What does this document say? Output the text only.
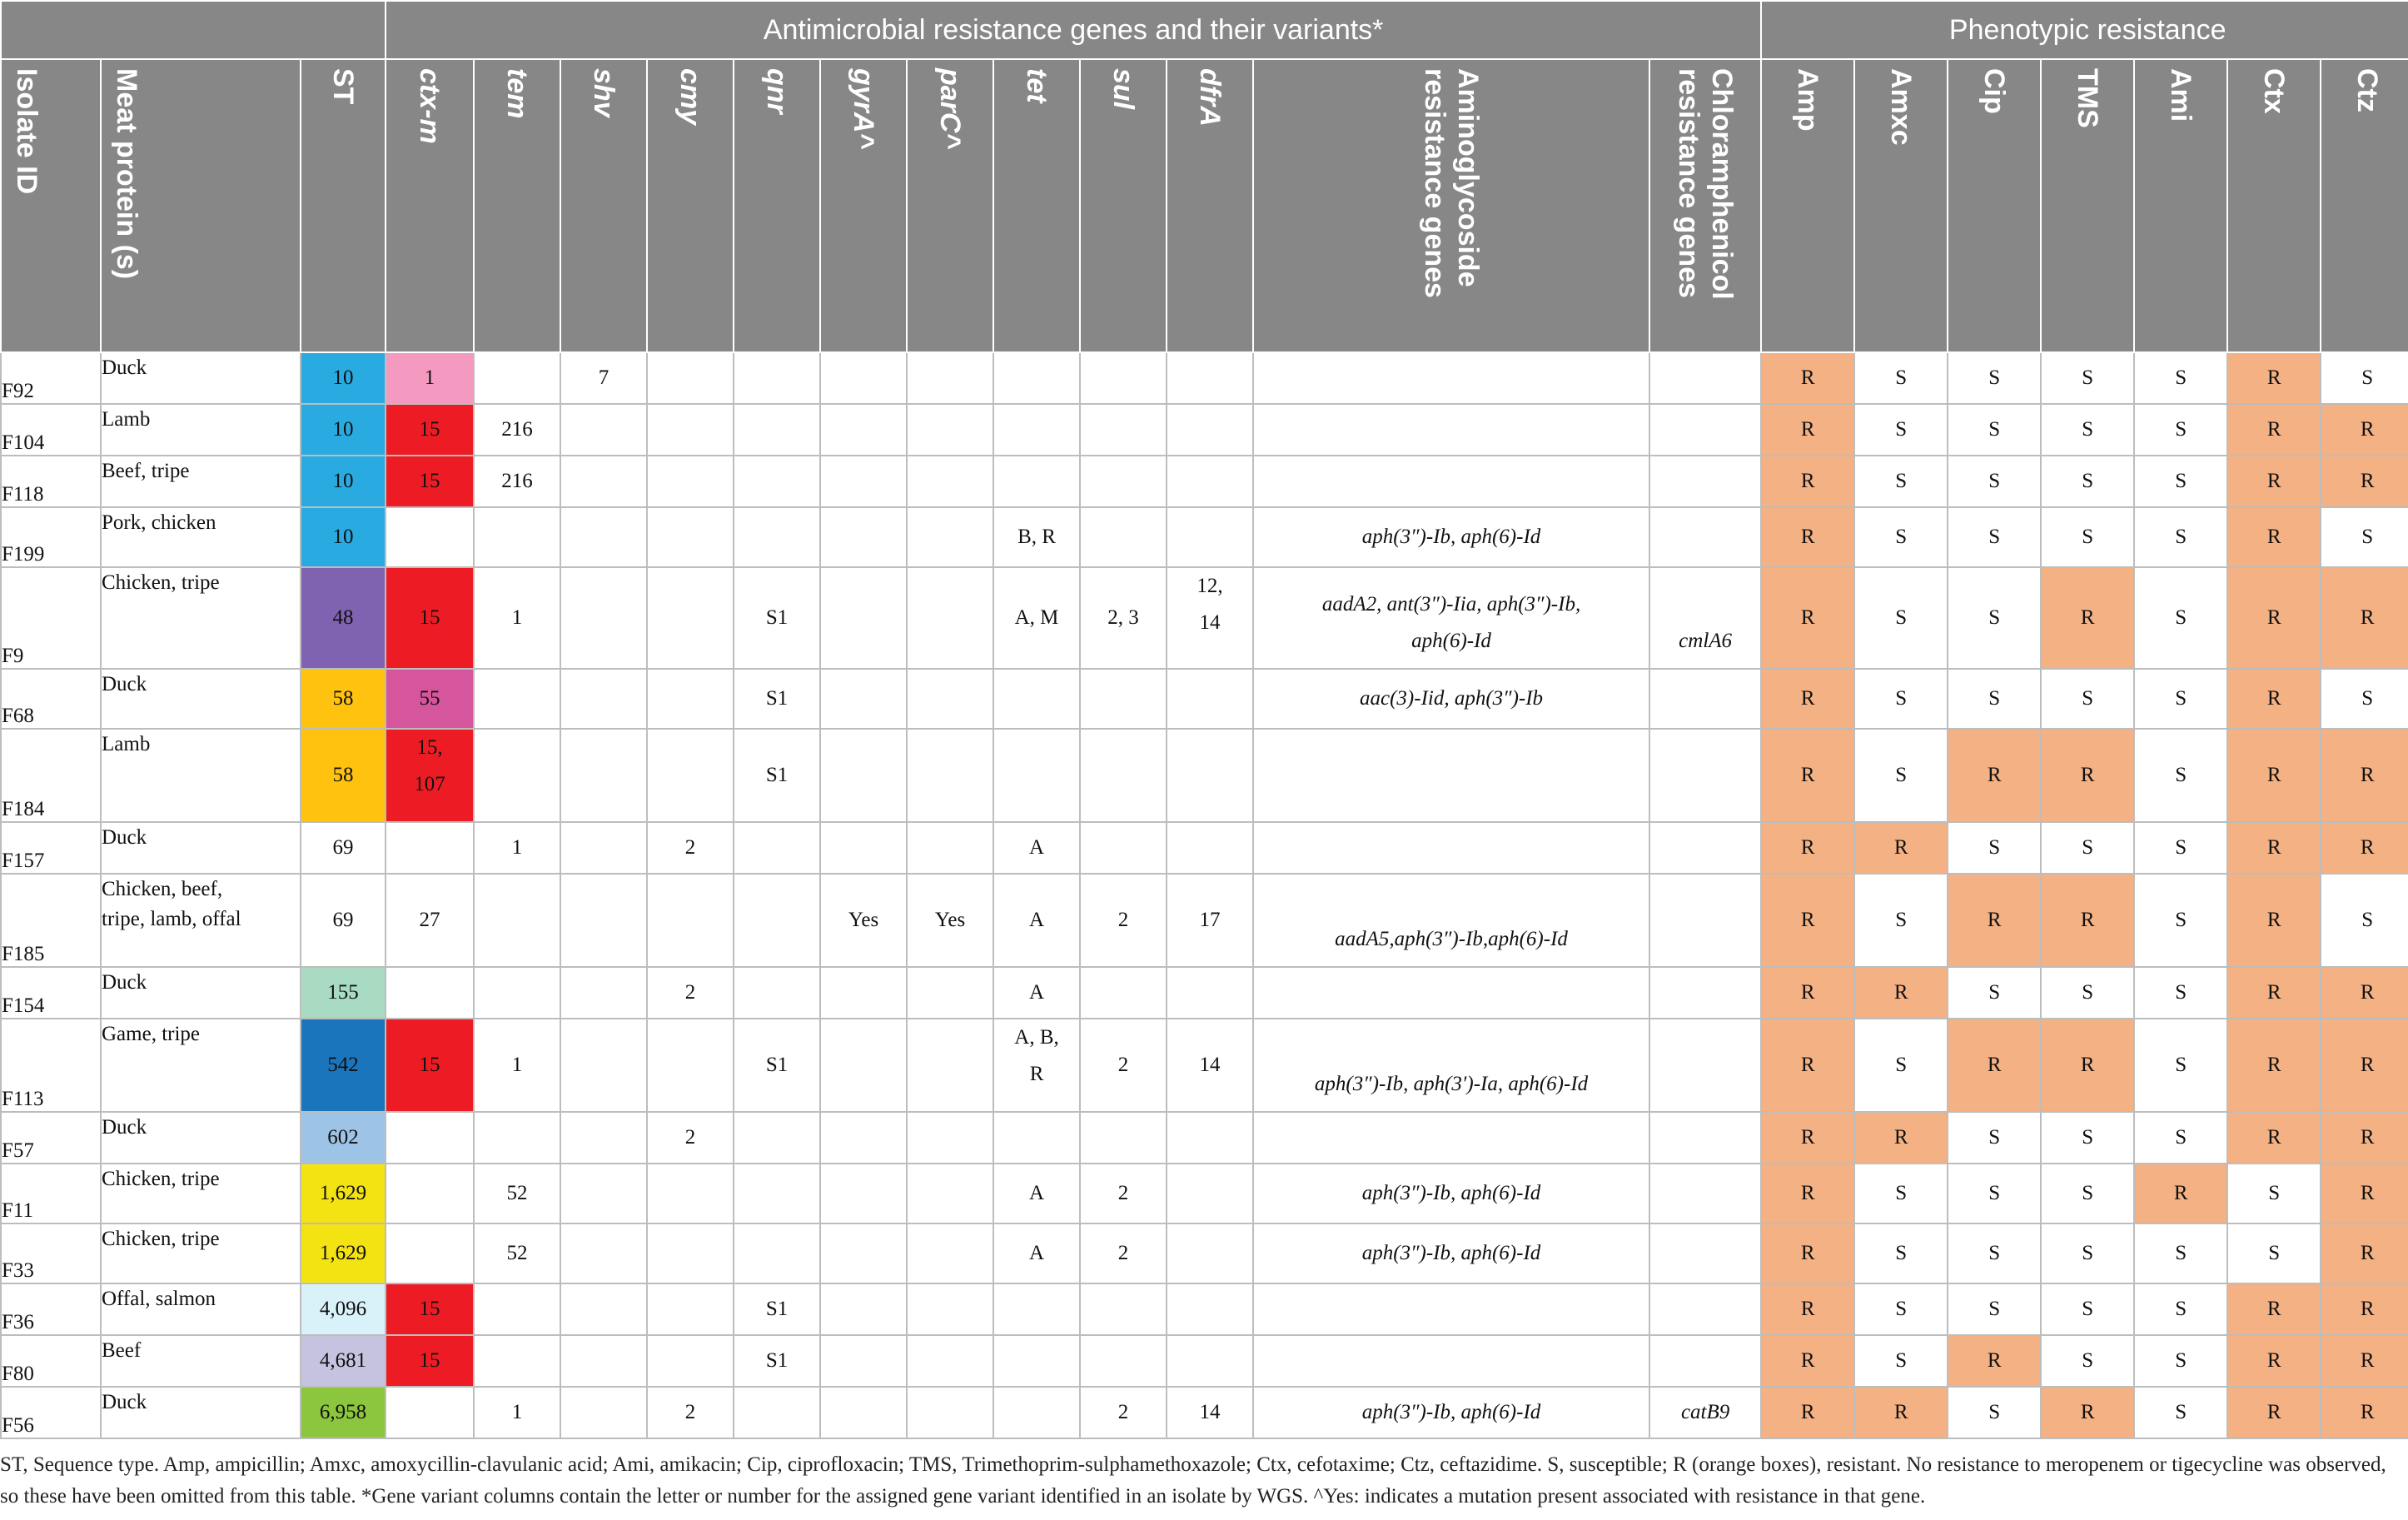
			Antimicrobial resistance genes and their variants*												Phenotypic resistance						

Isolate ID	Meat protein (s)	ST	ctx-m	tem	shv	cmy	qnr	gyrA^	parC^	tet	sul	dfrA	Aminoglycoside
resistance genes	Chloramphenicol
resistance genes	Amp	Amxc	Cip	TMS	Ami	Ctx	Ctz

F92	Duck	10	1		7										R	S	S	S	S	R	S
F104	Lamb	10	15	216											R	S	S	S	S	R	R
F118	Beef, tripe	10	15	216											R	S	S	S	S	R	R
F199	Pork, chicken	10								B, R			aph(3″)-Ib, aph(6)-Id		R	S	S	S	S	R	S
F9	Chicken, tripe	48	15	1			S1			A, M	2, 3	12,
14	aadA2, ant(3″)-Iia, aph(3″)-Ib,
aph(6)-Id	cmlA6	R	S	S	R	S	R	R
F68	Duck	58	55				S1						aac(3)-Iid, aph(3″)-Ib		R	S	S	S	S	R	S
F184	Lamb	58	15,
107				S1								R	S	R	R	S	R	R
F157	Duck	69		1		2				A					R	R	S	S	S	R	R
F185	Chicken, beef,
tripe, lamb, offal	69	27					Yes	Yes	A	2	17	aadA5,aph(3″)-Ib,aph(6)-Id		R	S	R	R	S	R	S
F154	Duck	155				2				A					R	R	S	S	S	R	R
F113	Game, tripe	542	15	1			S1			A, B,
R	2	14	aph(3″)-Ib, aph(3′)-Ia, aph(6)-Id		R	S	R	R	S	R	R
F57	Duck	602				2									R	R	S	S	S	R	R
F11	Chicken, tripe	1,629		52						A	2		aph(3″)-Ib, aph(6)-Id		R	S	S	S	R	S	R
F33	Chicken, tripe	1,629		52						A	2		aph(3″)-Ib, aph(6)-Id		R	S	S	S	S	S	R
F36	Offal, salmon	4,096	15				S1								R	S	S	S	S	R	R
F80	Beef	4,681	15				S1								R	S	R	S	S	R	R
F56	Duck	6,958		1		2					2	14	aph(3″)-Ib, aph(6)-Id	catB9	R	R	S	R	S	R	R
ST, Sequence type. Amp, ampicillin; Amxc, amoxycillin-clavulanic acid; Ami, amikacin; Cip, ciprofloxacin; TMS, Trimethoprim-sulphamethoxazole; Ctx, cefotaxime; Ctz, ceftazidime. S, susceptible; R (orange boxes), resistant. No resistance to meropenem or tigecycline was observed, so these have been omitted from this table. *Gene variant columns contain the letter or number for the assigned gene variant identified in an isolate by WGS. ^Yes: indicates a mutation present associated with resistance in that gene.
